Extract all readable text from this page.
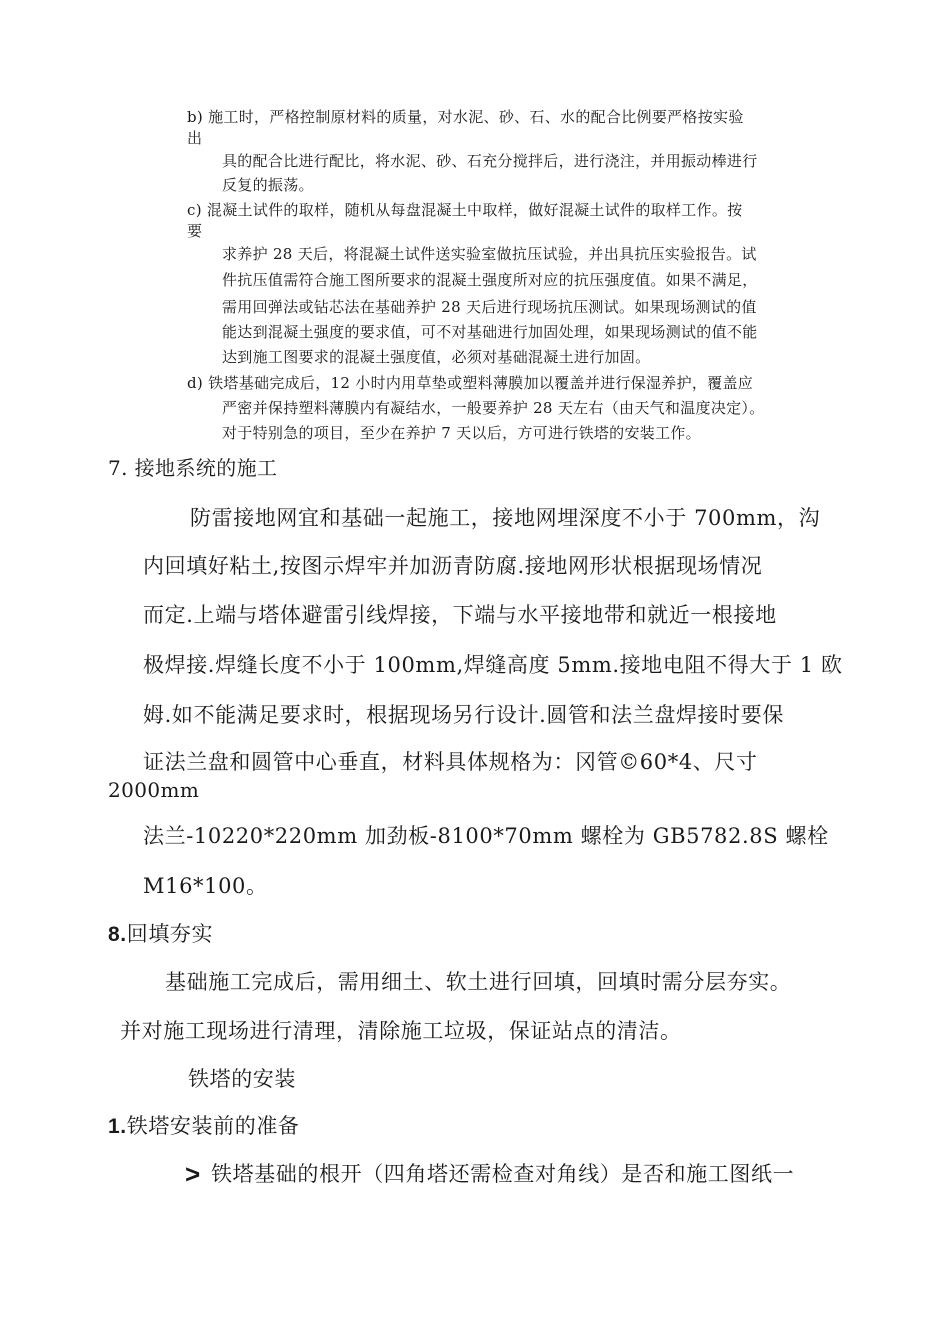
b) 施工时，严格控制原材料的质量，对水泥、砂、石、水的配合比例要严格按实验
出
具的配合比进行配比，将水泥、砂、石充分搅拌后，进行浇注，并用振动棒进行
反复的振荡。
c) 混凝土试件的取样，随机从每盘混凝土中取样，做好混凝土试件的取样工作。按
要
求养护 28 天后，将混凝土试件送实验室做抗压试验，并出具抗压实验报告。试
件抗压值需符合施工图所要求的混凝土强度所对应的抗压强度值。如果不满足，
需用回弹法或钻芯法在基础养护 28 天后进行现场抗压测试。如果现场测试的值
能达到混凝土强度的要求值，可不对基础进行加固处理，如果现场测试的值不能
达到施工图要求的混凝土强度值，必须对基础混凝土进行加固。
d) 铁塔基础完成后，12 小时内用草垫或塑料薄膜加以覆盖并进行保湿养护，覆盖应
严密并保持塑料薄膜内有凝结水，一般要养护 28 天左右（由天气和温度决定）。
对于特别急的项目，至少在养护 7 天以后，方可进行铁塔的安装工作。
7. 接地系统的施工
防雷接地网宜和基础一起施工，接地网埋深度不小于 700mm，沟
内回填好粘土,按图示焊牢并加沥青防腐.接地网形状根据现场情况
而定.上端与塔体避雷引线焊接，下端与水平接地带和就近一根接地
极焊接.焊缝长度不小于 100mm,焊缝高度 5mm.接地电阻不得大于 1 欧
姆.如不能满足要求时，根据现场另行设计.圆管和法兰盘焊接时要保
证法兰盘和圆管中心垂直，材料具体规格为：冈管©60*4、尺寸
2000mm
法兰-10220*220mm 加劲板-8100*70mm 螺栓为 GB5782.8S 螺栓
M16*100。
8.回填夯实
基础施工完成后，需用细土、软土进行回填，回填时需分层夯实。
并对施工现场进行清理，清除施工垃圾，保证站点的清洁。
铁塔的安装
1.铁塔安装前的准备
> 铁塔基础的根开（四角塔还需检查对角线）是否和施工图纸一
